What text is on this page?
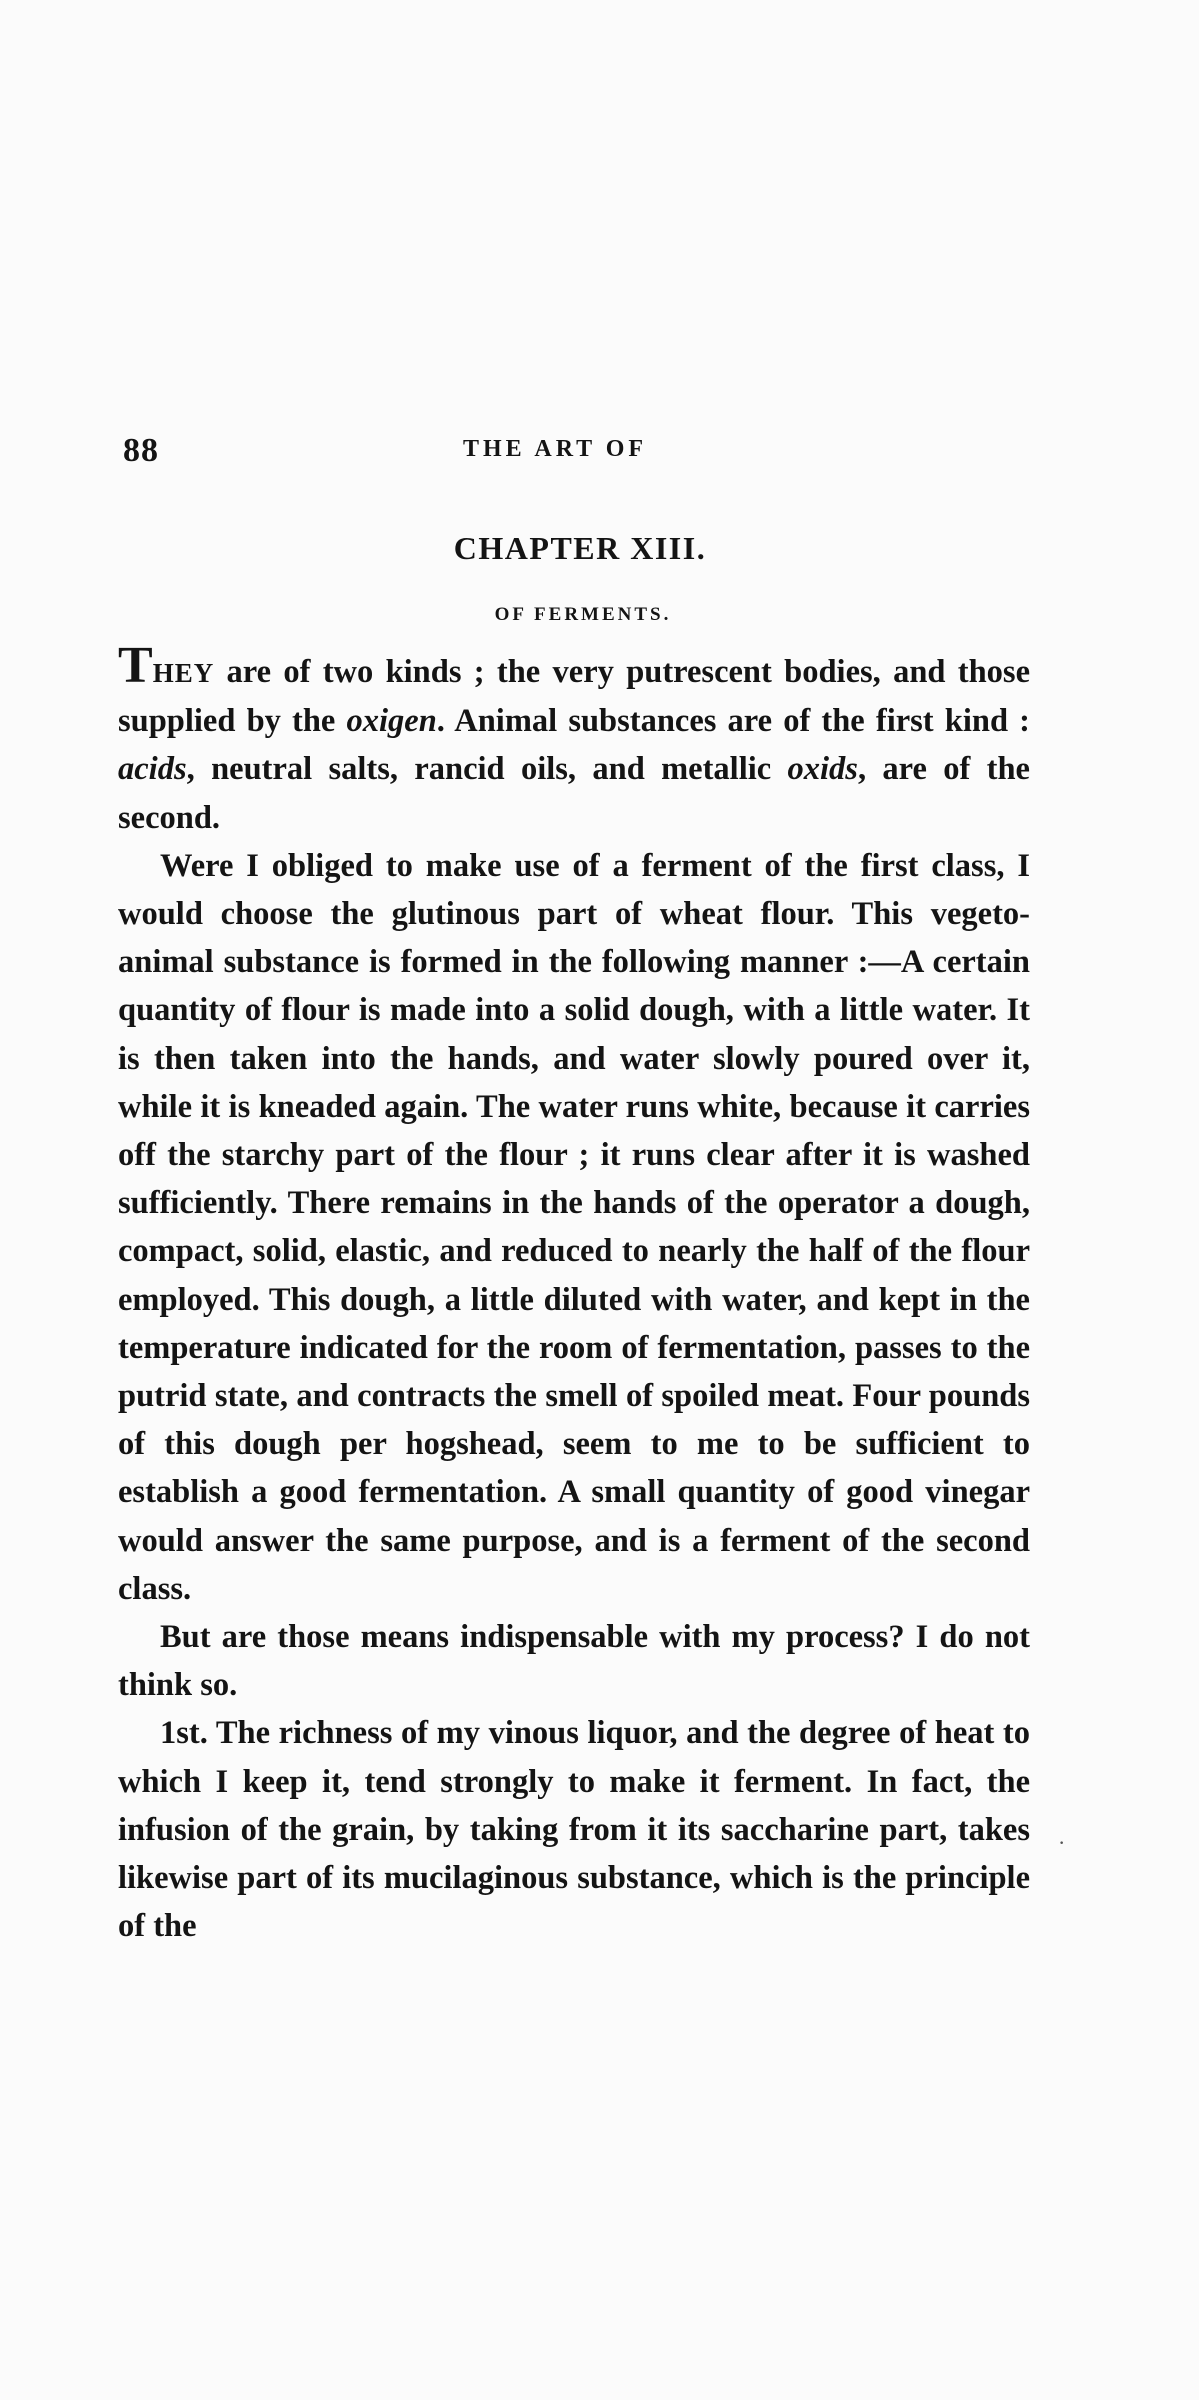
88	THE ART OF
CHAPTER XIII.
OF FERMENTS.

THEY are of two kinds ; the very putrescent bodies, and those supplied by the oxigen. Animal substances are of the first kind : acids, neutral salts, rancid oils, and metallic oxids, are of the second.

Were I obliged to make use of a ferment of the first class, I would choose the glutinous part of wheat flour. This vegeto-animal substance is formed in the following manner :—A certain quantity of flour is made into a solid dough, with a little water. It is then taken into the hands, and water slowly poured over it, while it is kneaded again. The water runs white, because it carries off the starchy part of the flour ; it runs clear after it is washed sufficiently. There remains in the hands of the operator a dough, compact, solid, elastic, and reduced to nearly the half of the flour employed. This dough, a little diluted with water, and kept in the temperature indicated for the room of fermentation, passes to the putrid state, and contracts the smell of spoiled meat. Four pounds of this dough per hogshead, seem to me to be sufficient to establish a good fermentation. A small quantity of good vinegar would answer the same purpose, and is a ferment of the second class.

But are those means indispensable with my process? I do not think so.

1st. The richness of my vinous liquor, and the degree of heat to which I keep it, tend strongly to make it ferment. In fact, the infusion of the grain, by taking from it its saccharine part, takes likewise part of its mucilaginous substance, which is the principle of the

·
